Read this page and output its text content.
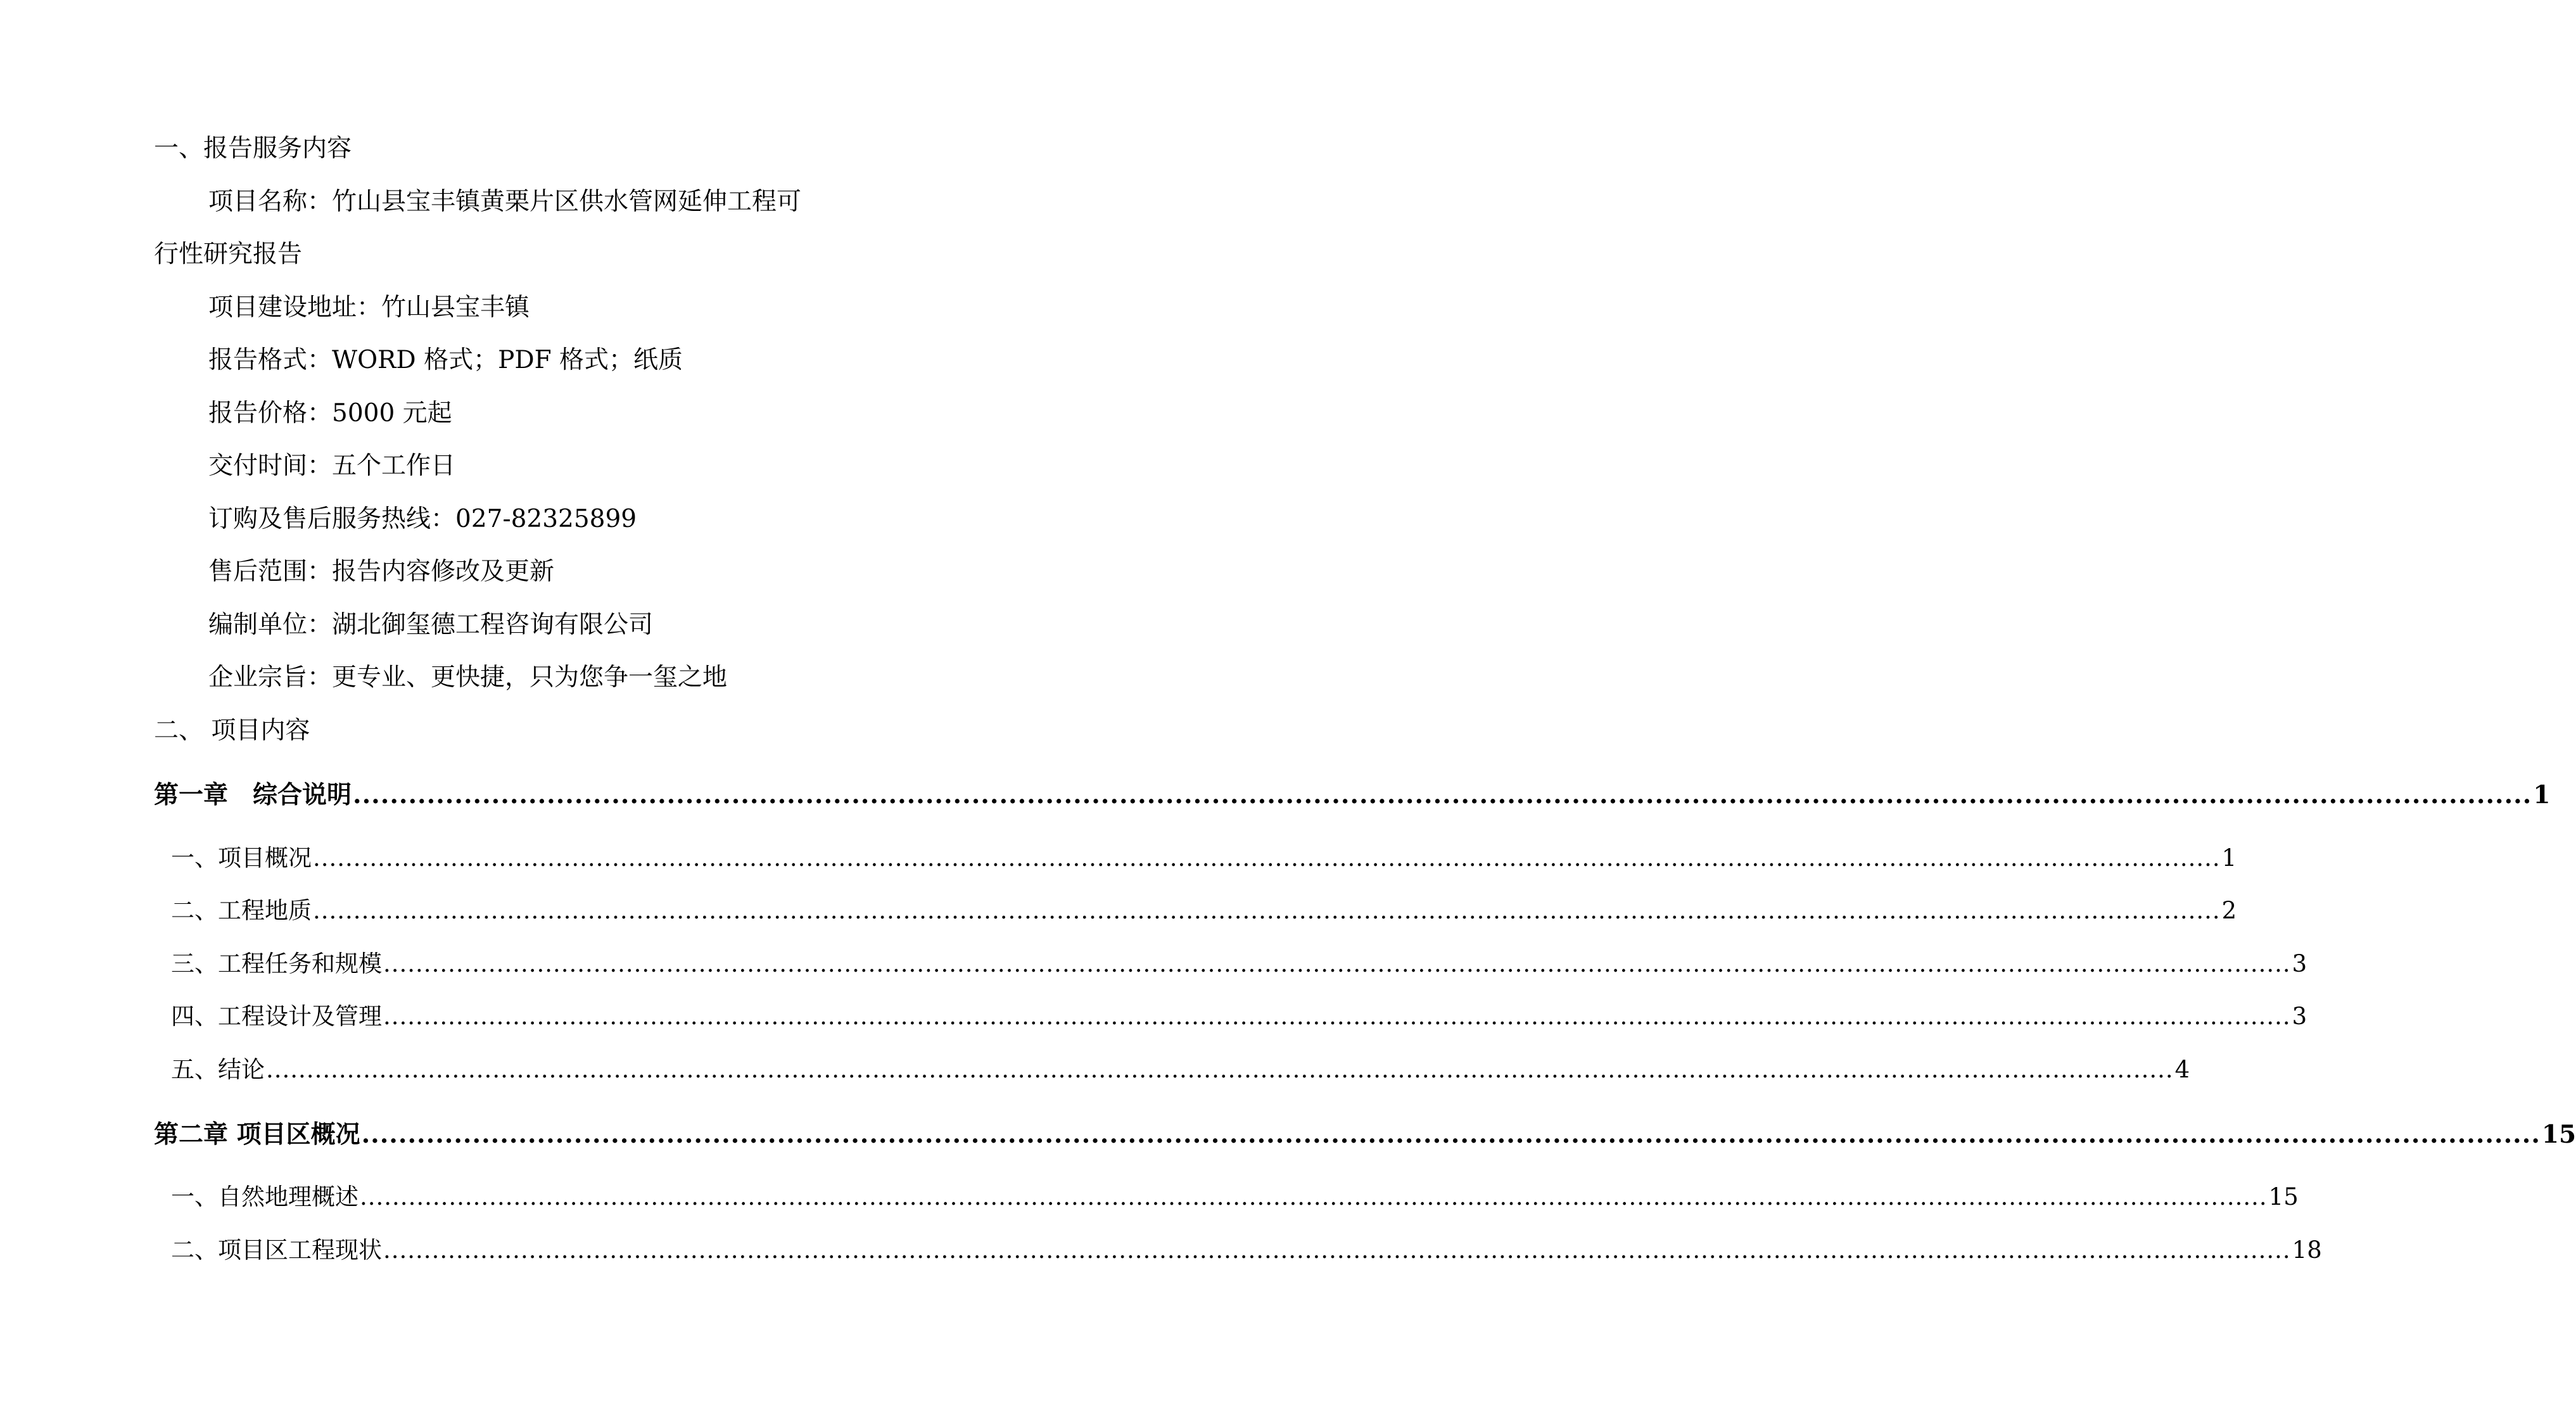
一、报告服务内容
项目名称：竹山县宝丰镇黄栗片区供水管网延伸工程可
行性研究报告
项目建设地址：竹山县宝丰镇
报告格式：WORD 格式；PDF 格式；纸质
报告价格：5000 元起
交付时间：五个工作日
订购及售后服务热线：027-82325899
售后范围：报告内容修改及更新
编制单位：湖北御玺德工程咨询有限公司
企业宗旨：更专业、更快捷，只为您争一玺之地
二、 项目内容
第一章　综合说明 ............................................................................................................................................................................................................................................ 1
一、项目概况 ............................................................................................................................................................................................................................................ 1
二、工程地质 ............................................................................................................................................................................................................................................ 2
三、工程任务和规模 ............................................................................................................................................................................................................................................ 3
四、工程设计及管理 ............................................................................................................................................................................................................................................ 3
五、结论 ............................................................................................................................................................................................................................................ 4
第二章 项目区概况 ............................................................................................................................................................................................................................................ 15
一、自然地理概述 ............................................................................................................................................................................................................................................ 15
二、项目区工程现状 ............................................................................................................................................................................................................................................ 18
